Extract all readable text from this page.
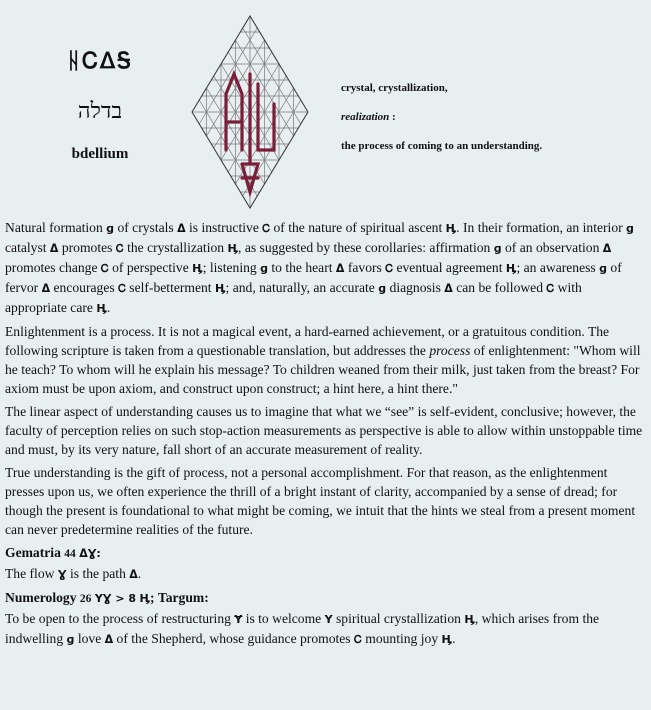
ᚺᏟᐃᎦ
בדלה
bdellium
crystal, crystallization,
realization :
the process of coming to an understanding.

Natural formation ɡ of crystals ᐃ is instructive Ꮯ of the nature of spiritual ascent Ӊ. In their formation, an interior ɡ catalyst ᐃ promotes Ꮯ the crystallization Ӊ, as suggested by these corollaries: affirmation ɡ of an observation ᐃ promotes change Ꮯ of perspective Ӊ; listening ɡ to the heart ᐃ favors Ꮯ eventual agreement Ӊ; an awareness ɡ of fervor ᐃ encourages Ꮯ self-betterment Ӊ; and, naturally, an accurate ɡ diagnosis ᐃ can be followed Ꮯ with appropriate care Ӊ.

Enlightenment is a process. It is not a magical event, a hard-earned achievement, or a gratuitous condition. The following scripture is taken from a questionable translation, but addresses the process of enlightenment: "Whom will he teach? To whom will he explain his message? To children weaned from their milk, just taken from the breast? For axiom must be upon axiom, and construct upon construct; a hint here, a hint there."

The linear aspect of understanding causes us to imagine that what we “see” is self-evident, conclusive; however, the faculty of perception relies on such stop-action measurements as perspective is able to allow within unstoppable time and must, by its very nature, fall short of an accurate measurement of reality.

True understanding is the gift of process, not a personal accomplishment. For that reason, as the enlightenment presses upon us, we often experience the thrill of a bright instant of clarity, accompanied by a sense of dread; for though the present is foundational to what might be coming, we intuit that the hints we steal from a present moment can never predetermine realities of the future.

Gematria 44 ᐃƔ:

The flow Ɣ is the path ᐃ.

Numerology 26 YƔ > 8 Ӊ; Targum:

To be open to the process of restructuring Ɏ is to welcome Y spiritual crystallization Ӊ, which arises from the indwelling ɡ love ᐃ of the Shepherd, whose guidance promotes Ꮯ mounting joy Ӊ.
